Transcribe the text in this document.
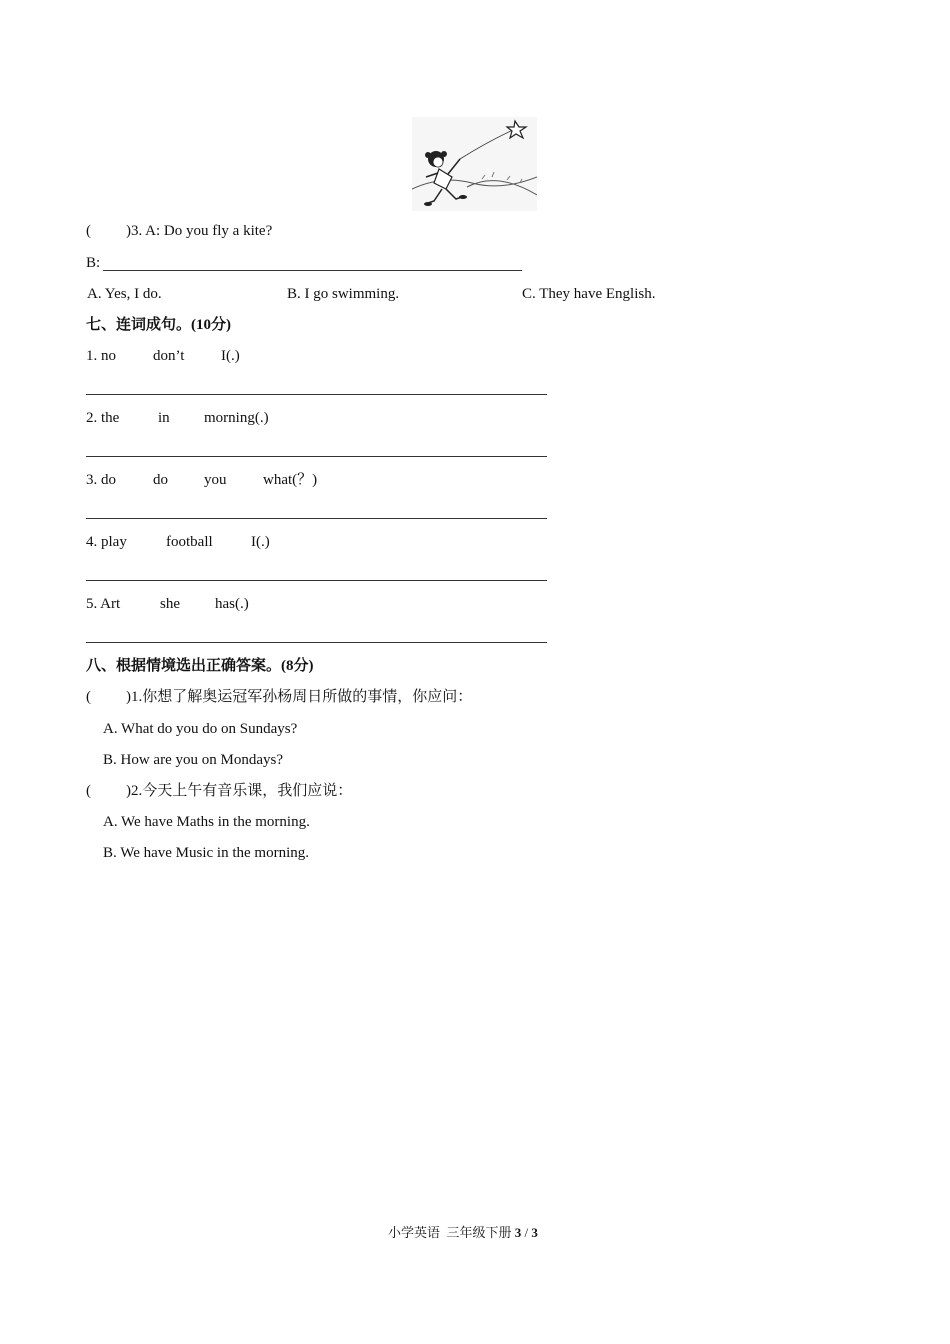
( )3. A: Do you fly a kite?
B:
A. Yes, I do.	B. I go swimming.	C. They have English.
七、连词成句。(10分)
1. no don’t I(.)
2. the	in morning(.)
3. do do you what(？)
4. play	football	I(.)
5. Art	she has(.)
八、根据情境选出正确答案。(8分)
( )1.你想了解奥运冠军孙杨周日所做的事情，你应问：
A. What do you do on Sundays?
B. How are you on Mondays?
( )2.今天上午有音乐课，我们应说：
A. We have Maths in the morning.
B. We have Music in the morning.
小学英语  三年级下册 3 / 3
